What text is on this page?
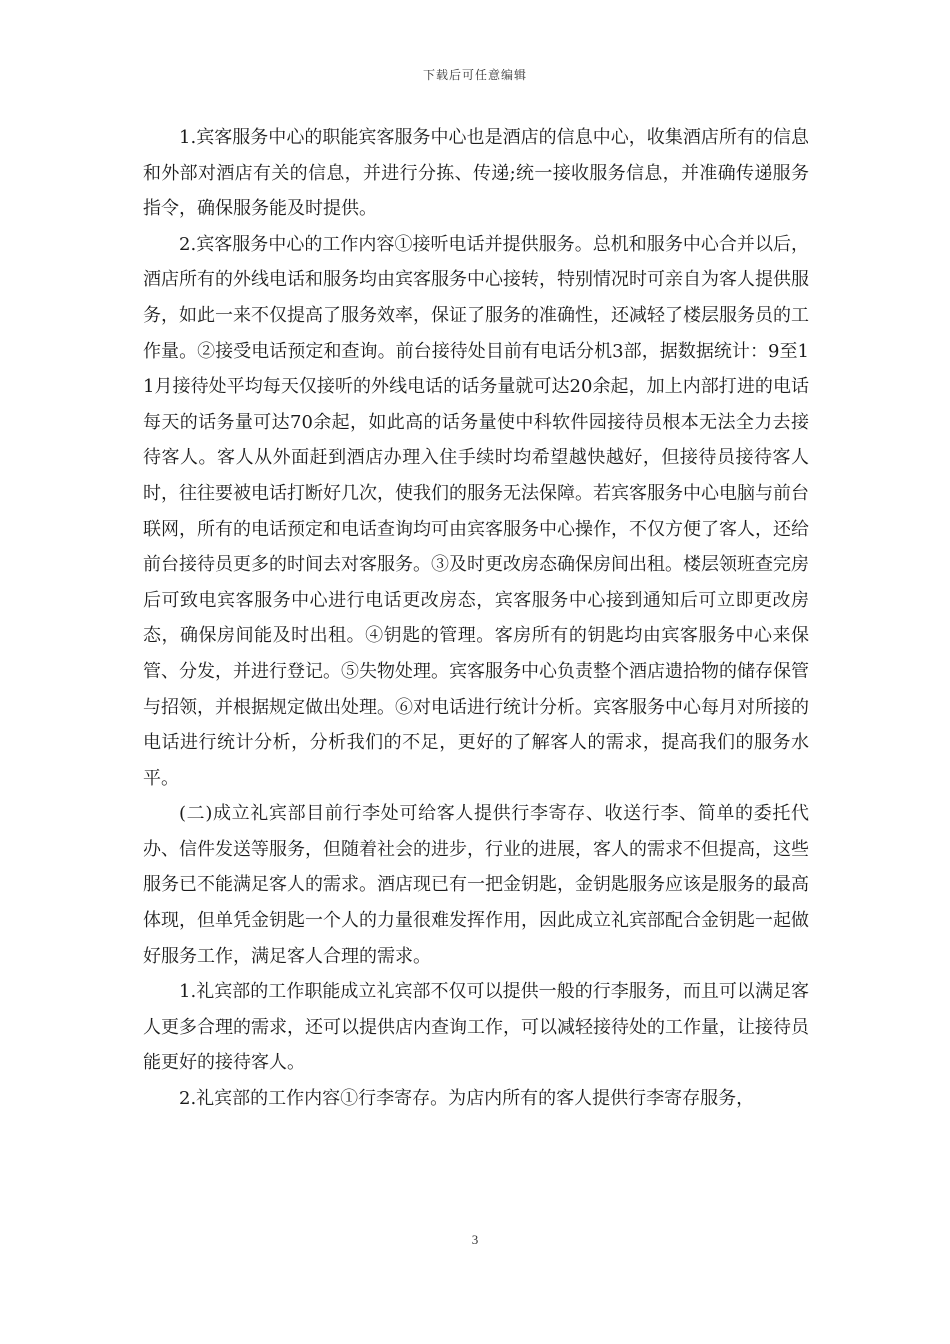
下载后可任意编辑

1.宾客服务中心的职能宾客服务中心也是酒店的信息中心，收集酒店所有的信息和外部对酒店有关的信息，并进行分拣、传递;统一接收服务信息，并准确传递服务指令，确保服务能及时提供。

2.宾客服务中心的工作内容①接听电话并提供服务。总机和服务中心合并以后，酒店所有的外线电话和服务均由宾客服务中心接转，特别情况时可亲自为客人提供服务，如此一来不仅提高了服务效率，保证了服务的准确性，还减轻了楼层服务员的工作量。②接受电话预定和查询。前台接待处目前有电话分机3部，据数据统计：9至11月接待处平均每天仅接听的外线电话的话务量就可达20余起，加上内部打进的电话每天的话务量可达70余起，如此高的话务量使中科软件园接待员根本无法全力去接待客人。客人从外面赶到酒店办理入住手续时均希望越快越好，但接待员接待客人时，往往要被电话打断好几次，使我们的服务无法保障。若宾客服务中心电脑与前台联网，所有的电话预定和电话查询均可由宾客服务中心操作，不仅方便了客人，还给前台接待员更多的时间去对客服务。③及时更改房态确保房间出租。楼层领班查完房后可致电宾客服务中心进行电话更改房态，宾客服务中心接到通知后可立即更改房态，确保房间能及时出租。④钥匙的管理。客房所有的钥匙均由宾客服务中心来保管、分发，并进行登记。⑤失物处理。宾客服务中心负责整个酒店遗拾物的储存保管与招领，并根据规定做出处理。⑥对电话进行统计分析。宾客服务中心每月对所接的电话进行统计分析，分析我们的不足，更好的了解客人的需求，提高我们的服务水平。

(二)成立礼宾部目前行李处可给客人提供行李寄存、收送行李、简单的委托代办、信件发送等服务，但随着社会的进步，行业的进展，客人的需求不但提高，这些服务已不能满足客人的需求。酒店现已有一把金钥匙，金钥匙服务应该是服务的最高体现，但单凭金钥匙一个人的力量很难发挥作用，因此成立礼宾部配合金钥匙一起做好服务工作，满足客人合理的需求。

1.礼宾部的工作职能成立礼宾部不仅可以提供一般的行李服务，而且可以满足客人更多合理的需求，还可以提供店内查询工作，可以减轻接待处的工作量，让接待员能更好的接待客人。

2.礼宾部的工作内容①行李寄存。为店内所有的客人提供行李寄存服务，

3
